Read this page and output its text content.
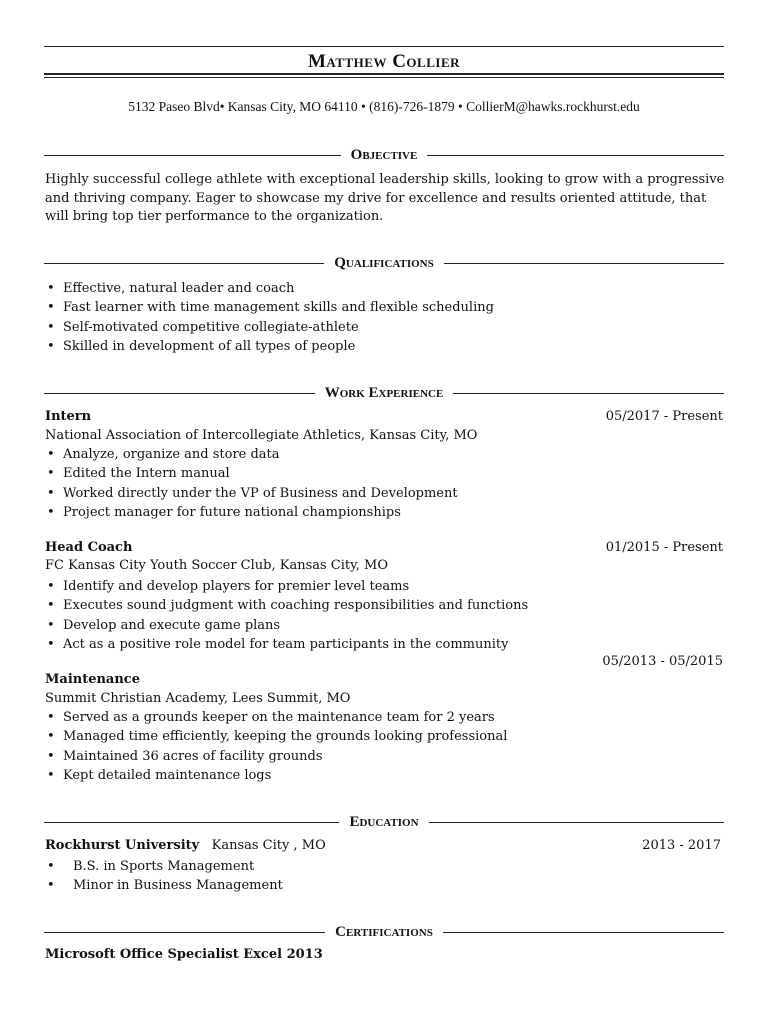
Matthew Collier
5132 Paseo Blvd• Kansas City, MO 64110 • (816)-726-1879 • CollierM@hawks.rockhurst.edu
Objective
Highly successful college athlete with exceptional leadership skills, looking to grow with a progressive and thriving company. Eager to showcase my drive for excellence and results oriented attitude, that will bring top tier performance to the organization.
Qualifications
• Effective, natural leader and coach
• Fast learner with time management skills and flexible scheduling
• Self-motivated competitive collegiate-athlete
• Skilled in development of all types of people
Work Experience
Intern	05/2017 - Present
National Association of Intercollegiate Athletics, Kansas City, MO
• Analyze, organize and store data
• Edited the Intern manual
• Worked directly under the VP of Business and Development
• Project manager for future national championships
Head Coach	01/2015 - Present
FC Kansas City Youth Soccer Club, Kansas City, MO
• Identify and develop players for premier level teams
• Executes sound judgment with coaching responsibilities and functions
• Develop and execute game plans
• Act as a positive role model for team participants in the community
05/2013 - 05/2015
Maintenance
Summit Christian Academy, Lees Summit, MO
• Served as a grounds keeper on the maintenance team for 2 years
• Managed time efficiently, keeping the grounds looking professional
• Maintained 36 acres of facility grounds
• Kept detailed maintenance logs
Education
Rockhurst University Kansas City , MO	2013 - 2017
• B.S. in Sports Management
• Minor in Business Management
Certifications
Microsoft Office Specialist Excel 2013
